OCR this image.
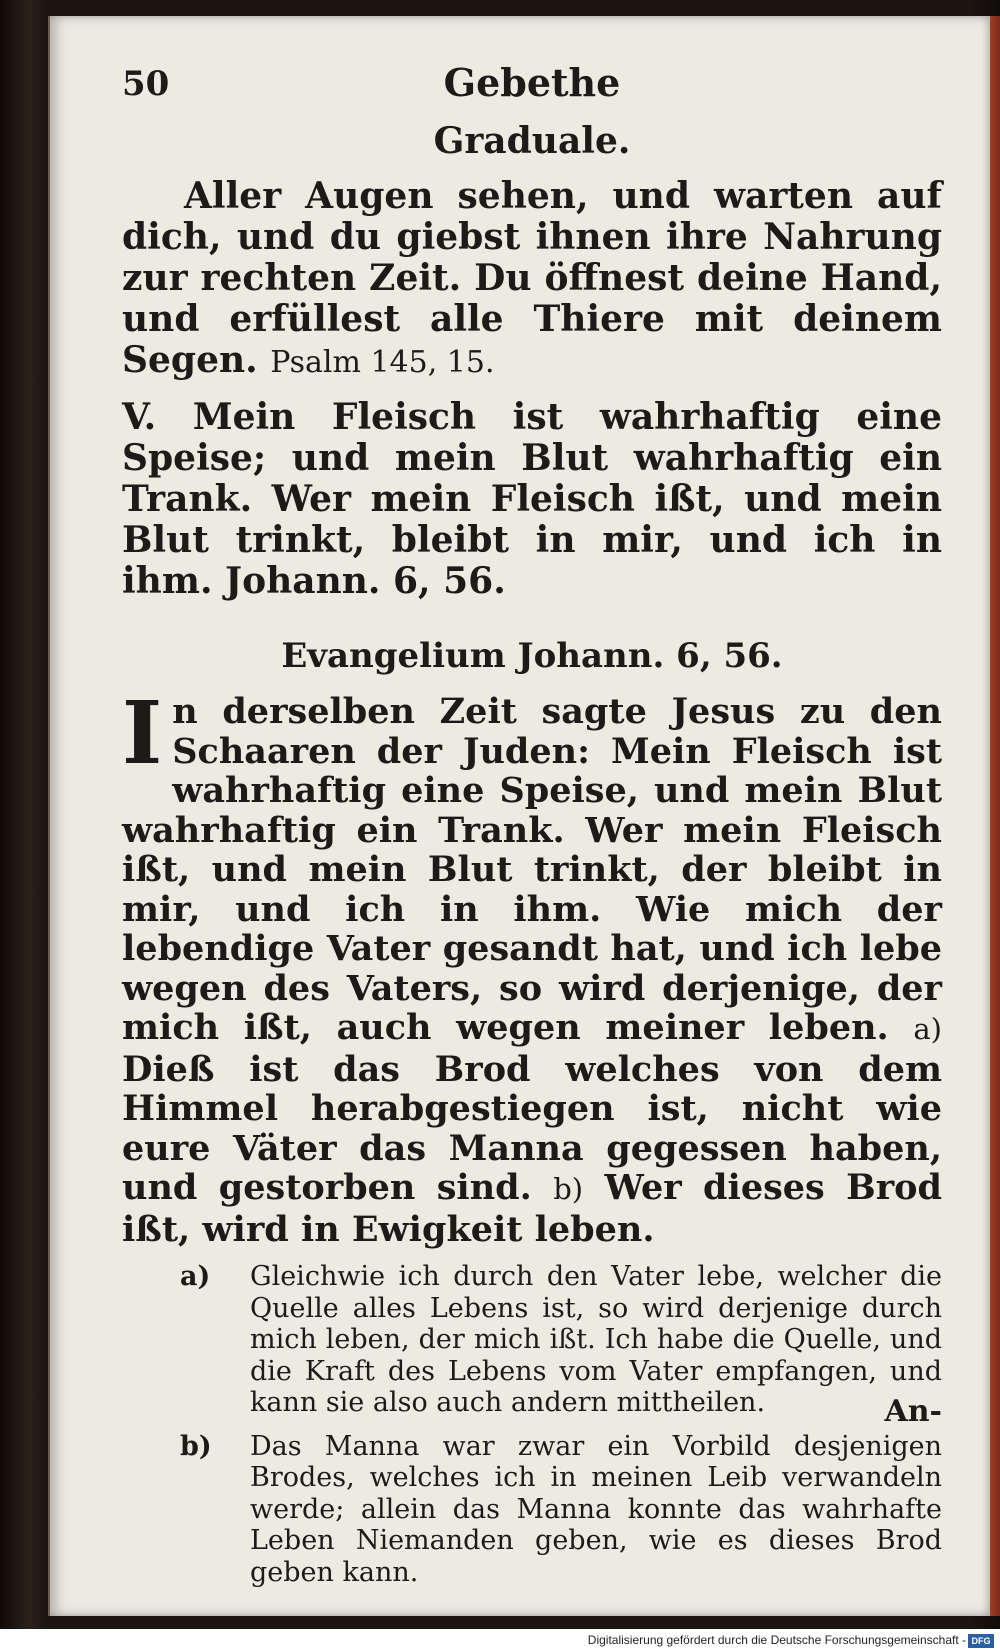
50	Gebethe
Graduale.

Aller Augen sehen, und warten auf dich, und du giebst ihnen ihre Nahrung zur rechten Zeit. Du öffnest deine Hand, und erfüllest alle Thiere mit deinem Segen. Psalm 145, 15.

V. Mein Fleisch ist wahrhaftig eine Speise; und mein Blut wahrhaftig ein Trank. Wer mein Fleisch ißt, und mein Blut trinkt, bleibt in mir, und ich in ihm. Johann. 6, 56.

Evangelium Johann. 6, 56.

In derselben Zeit sagte Jesus zu den Schaaren der Juden: Mein Fleisch ist wahrhaftig eine Speise, und mein Blut wahrhaftig ein Trank. Wer mein Fleisch ißt, und mein Blut trinkt, der bleibt in mir, und ich in ihm. Wie mich der lebendige Vater gesandt hat, und ich lebe wegen des Vaters, so wird derjenige, der mich ißt, auch wegen meiner leben. a) Dieß ist das Brod welches von dem Himmel herabgestiegen ist, nicht wie eure Väter das Manna gegessen haben, und gestorben sind. b) Wer dieses Brod ißt, wird in Ewigkeit leben.

a)	Gleichwie ich durch den Vater lebe, welcher die Quelle alles Lebens ist, so wird derjenige durch mich leben, der mich ißt. Ich habe die Quelle, und die Kraft des Lebens vom Vater empfangen, und kann sie also auch andern mittheilen.
b)	Das Manna war zwar ein Vorbild desjenigen Brodes, welches ich in meinen Leib verwandeln werde; allein das Manna konnte das wahrhafte Leben Niemanden geben, wie es dieses Brod geben kann.
An-
Digitalisierung gefördert durch die Deutsche Forschungsgemeinschaft - DFG
